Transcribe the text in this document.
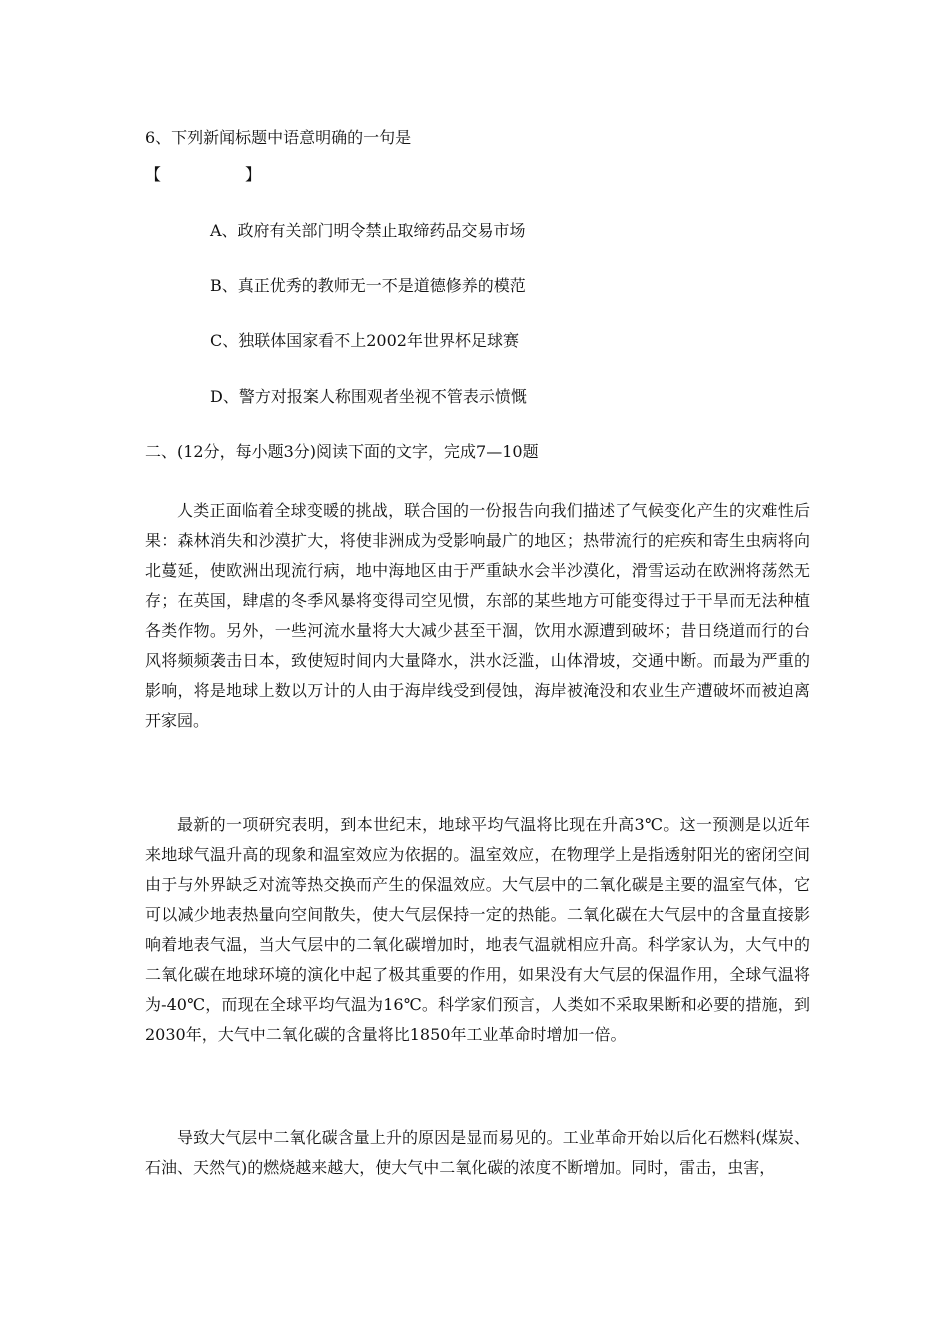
6、下列新闻标题中语意明确的一句是
【	】
A、政府有关部门明令禁止取缔药品交易市场
B、真正优秀的教师无一不是道德修养的模范
C、独联体国家看不上2002年世界杯足球赛
D、警方对报案人称围观者坐视不管表示愤慨
二、(12分，每小题3分)阅读下面的文字，完成7—10题

人类正面临着全球变暖的挑战，联合国的一份报告向我们描述了气候变化产生的灾难性后果：森林消失和沙漠扩大，将使非洲成为受影响最广的地区；热带流行的疟疾和寄生虫病将向北蔓延，使欧洲出现流行病，地中海地区由于严重缺水会半沙漠化，滑雪运动在欧洲将荡然无存；在英国，肆虐的冬季风暴将变得司空见惯，东部的某些地方可能变得过于干旱而无法种植各类作物。另外，一些河流水量将大大减少甚至干涸，饮用水源遭到破坏；昔日绕道而行的台风将频频袭击日本，致使短时间内大量降水，洪水泛滥，山体滑坡，交通中断。而最为严重的影响，将是地球上数以万计的人由于海岸线受到侵蚀，海岸被淹没和农业生产遭破坏而被迫离开家园。

最新的一项研究表明，到本世纪末，地球平均气温将比现在升高3℃。这一预测是以近年来地球气温升高的现象和温室效应为依据的。温室效应，在物理学上是指透射阳光的密闭空间由于与外界缺乏对流等热交换而产生的保温效应。大气层中的二氧化碳是主要的温室气体，它可以减少地表热量向空间散失，使大气层保持一定的热能。二氧化碳在大气层中的含量直接影响着地表气温，当大气层中的二氧化碳增加时，地表气温就相应升高。科学家认为，大气中的二氧化碳在地球环境的演化中起了极其重要的作用，如果没有大气层的保温作用，全球气温将为-40℃，而现在全球平均气温为16℃。科学家们预言，人类如不采取果断和必要的措施，到2030年，大气中二氧化碳的含量将比1850年工业革命时增加一倍。

导致大气层中二氧化碳含量上升的原因是显而易见的。工业革命开始以后化石燃料(煤炭、石油、天然气)的燃烧越来越大，使大气中二氧化碳的浓度不断增加。同时，雷击，虫害，
